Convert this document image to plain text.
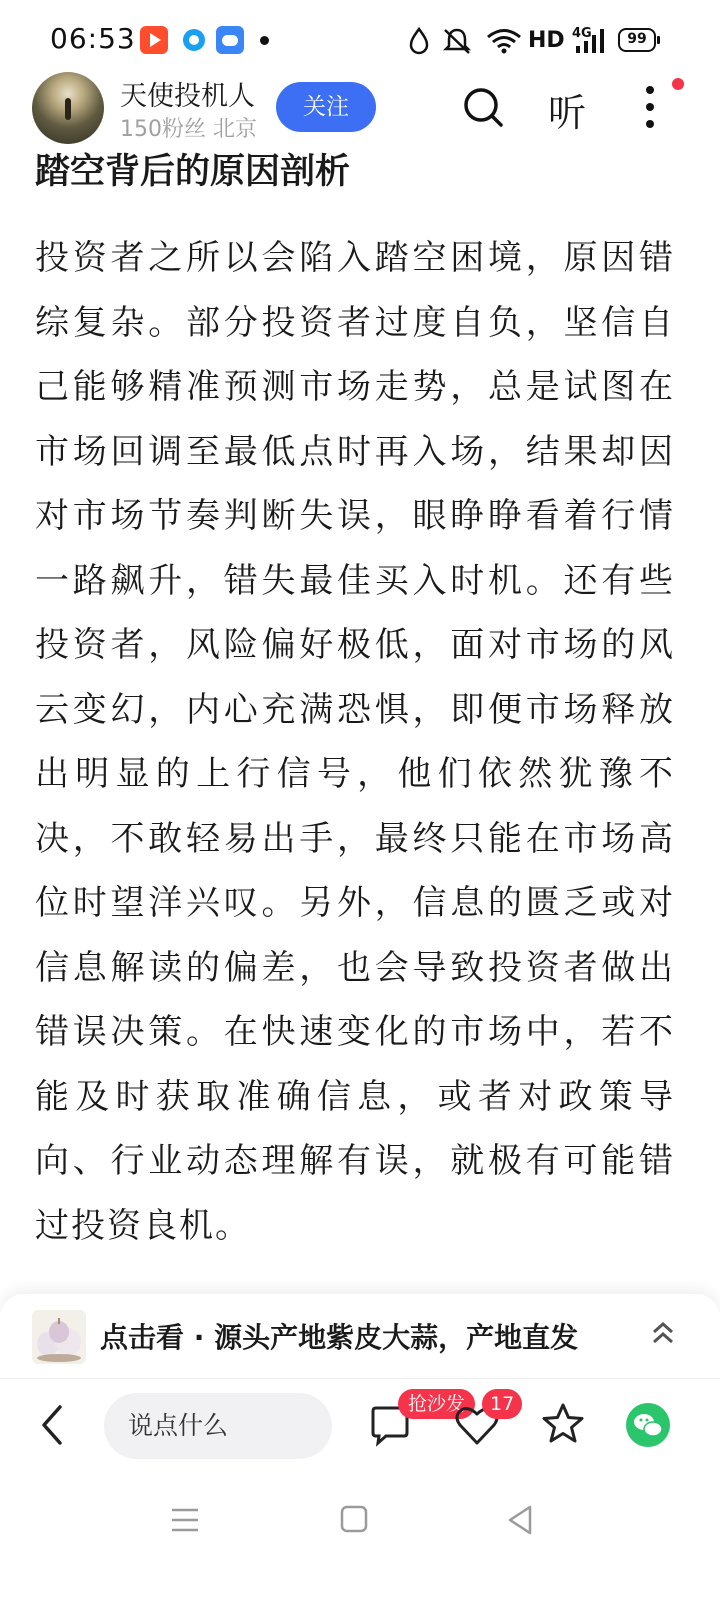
06:53	HD 4G	99
天使投机人
150粉丝 北京
关注	听
踏空背后的原因剖析
投资者之所以会陷入踏空困境，原因错综复杂。部分投资者过度自负，坚信自己能够精准预测市场走势，总是试图在市场回调至最低点时再入场，结果却因对市场节奏判断失误，眼睁睁看着行情一路飙升，错失最佳买入时机。还有些投资者，风险偏好极低，面对市场的风云变幻，内心充满恐惧，即便市场释放出明显的上行信号，他们依然犹豫不决，不敢轻易出手，最终只能在市场高位时望洋兴叹。另外，信息的匮乏或对信息解读的偏差，也会导致投资者做出错误决策。在快速变化的市场中，若不能及时获取准确信息，或者对政策导向、行业动态理解有误，就极有可能错过投资良机。
点击看 · 源头产地紫皮大蒜，产地直发
说点什么
抢沙发	17
